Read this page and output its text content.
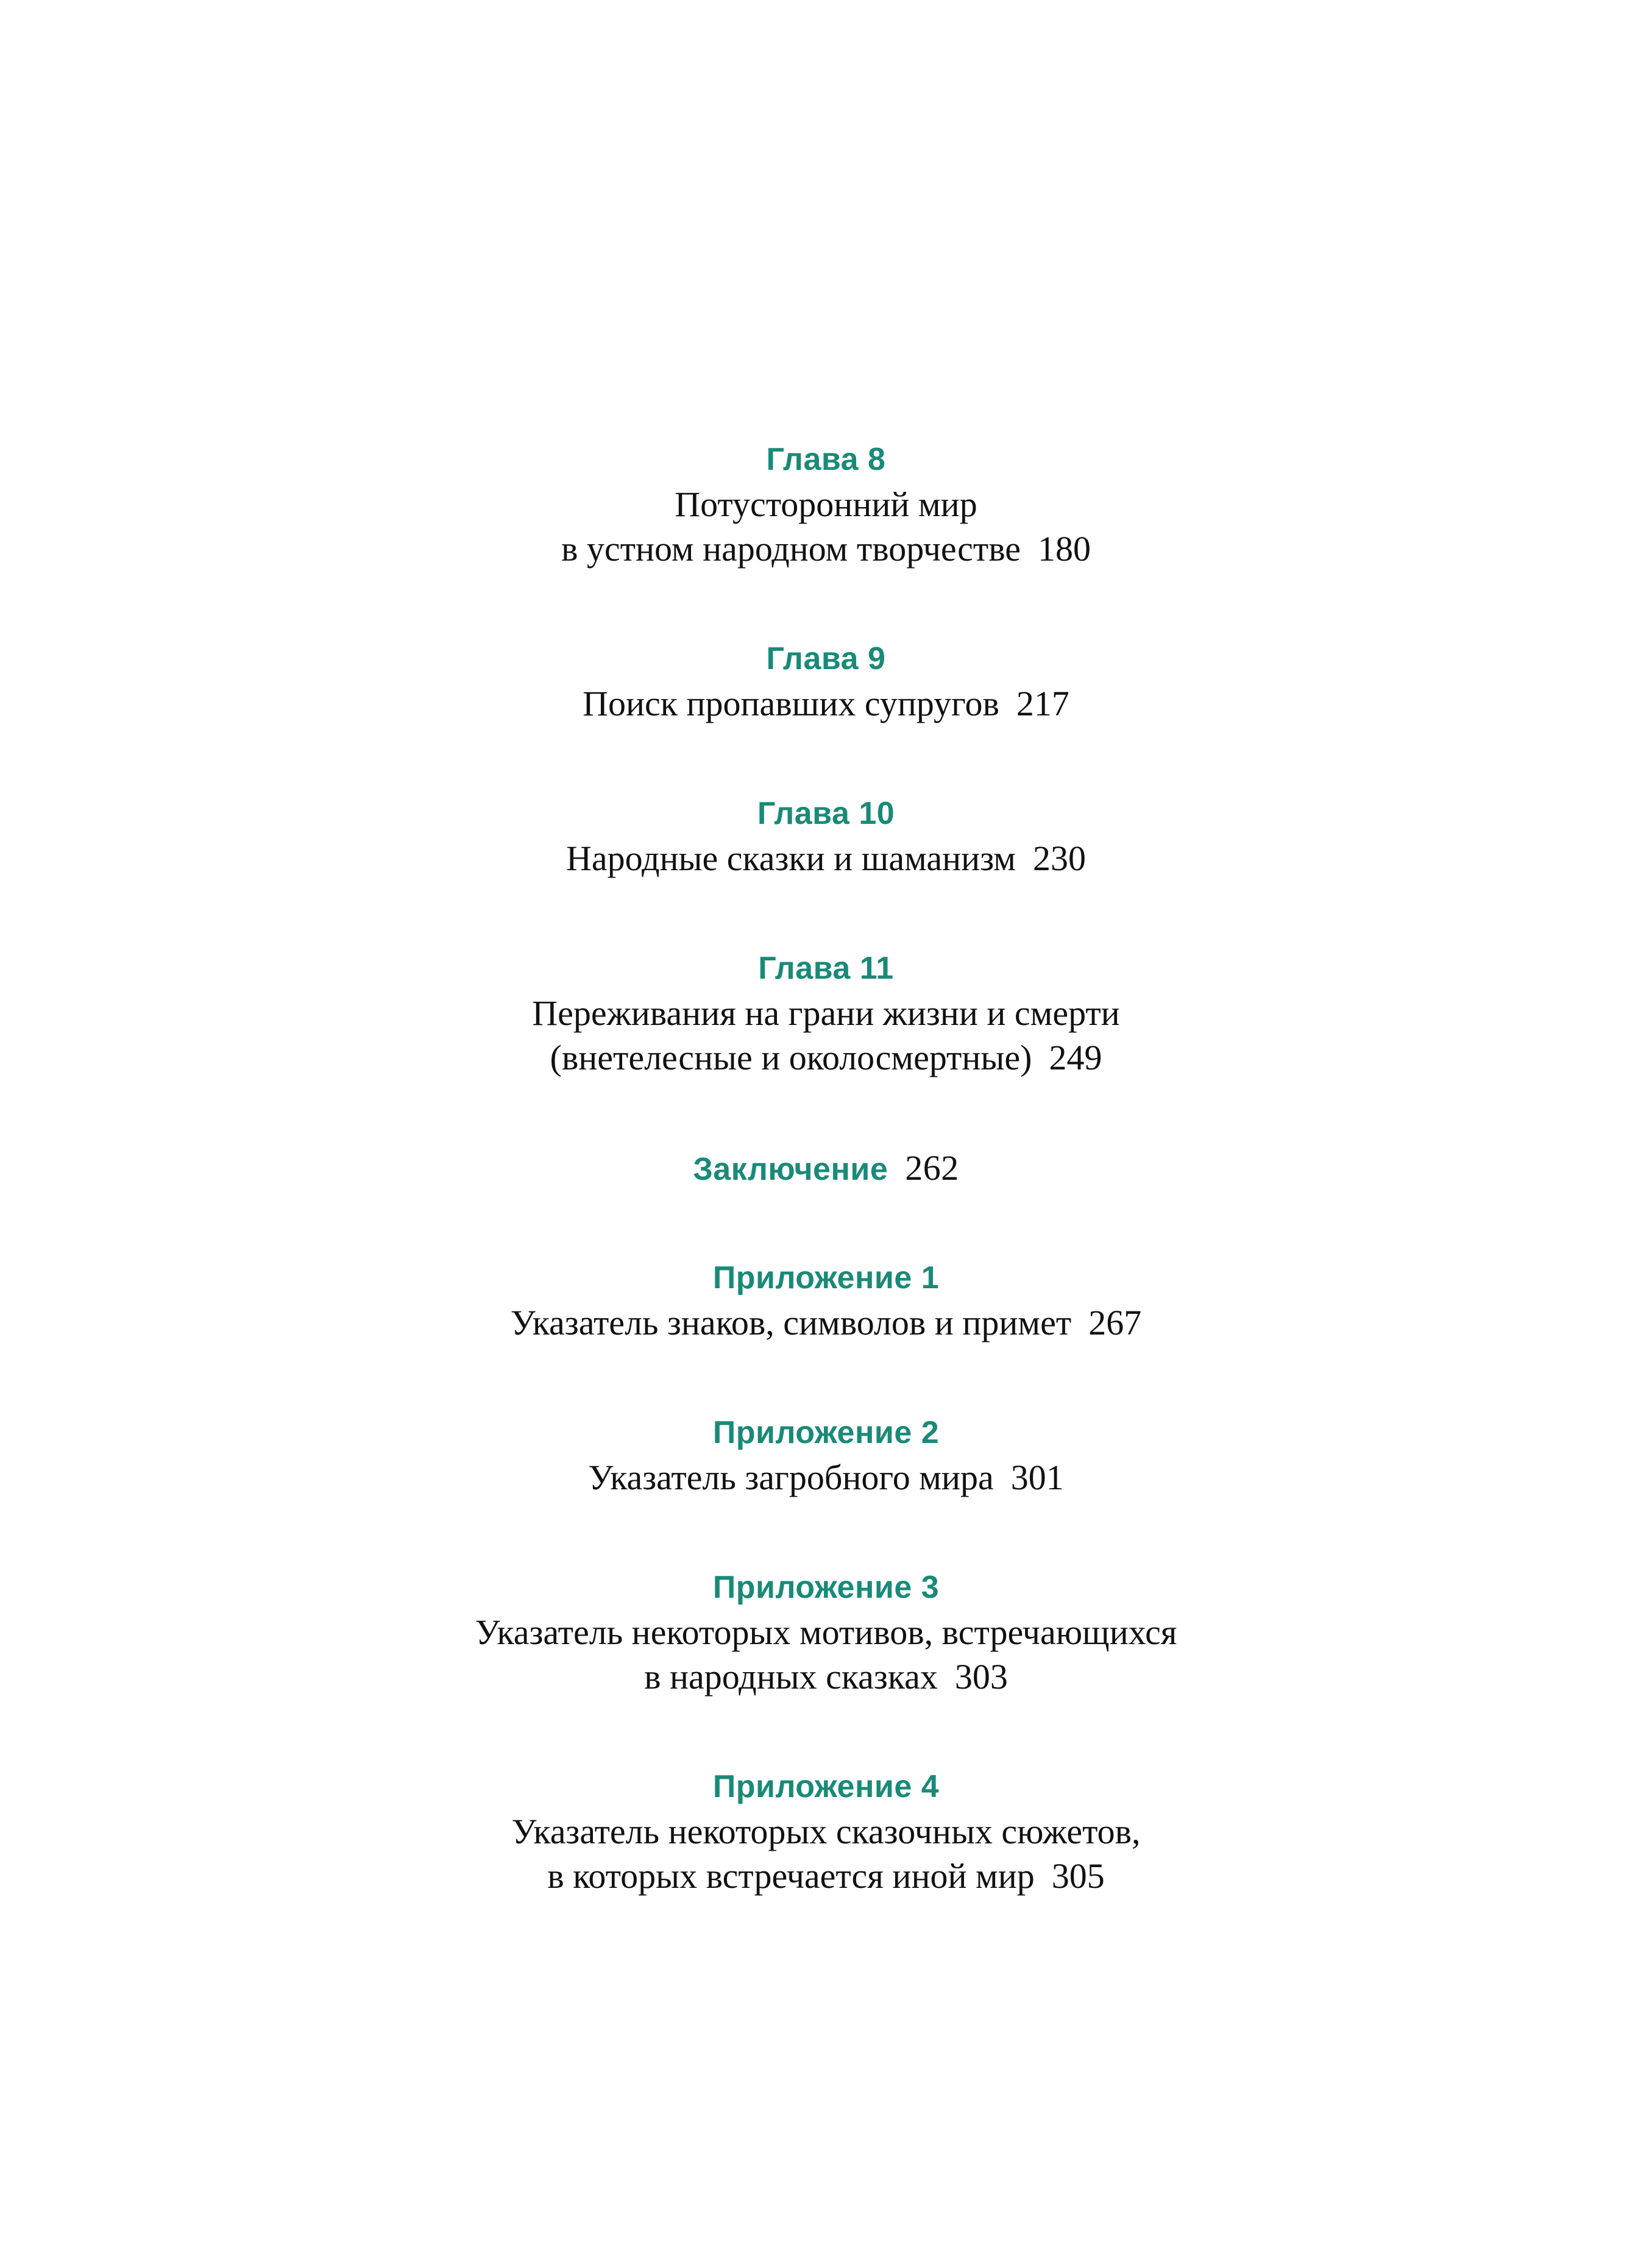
Глава 8
Потусторонний мир
в устном народном творчестве 180
Глава 9
Поиск пропавших супругов 217
Глава 10
Народные сказки и шаманизм 230
Глава 11
Переживания на грани жизни и смерти
(внетелесные и околосмертные) 249
Заключение 262
Приложение 1
Указатель знаков, символов и примет 267
Приложение 2
Указатель загробного мира 301
Приложение 3
Указатель некоторых мотивов, встречающихся
в народных сказках 303
Приложение 4
Указатель некоторых сказочных сюжетов,
в которых встречается иной мир 305
